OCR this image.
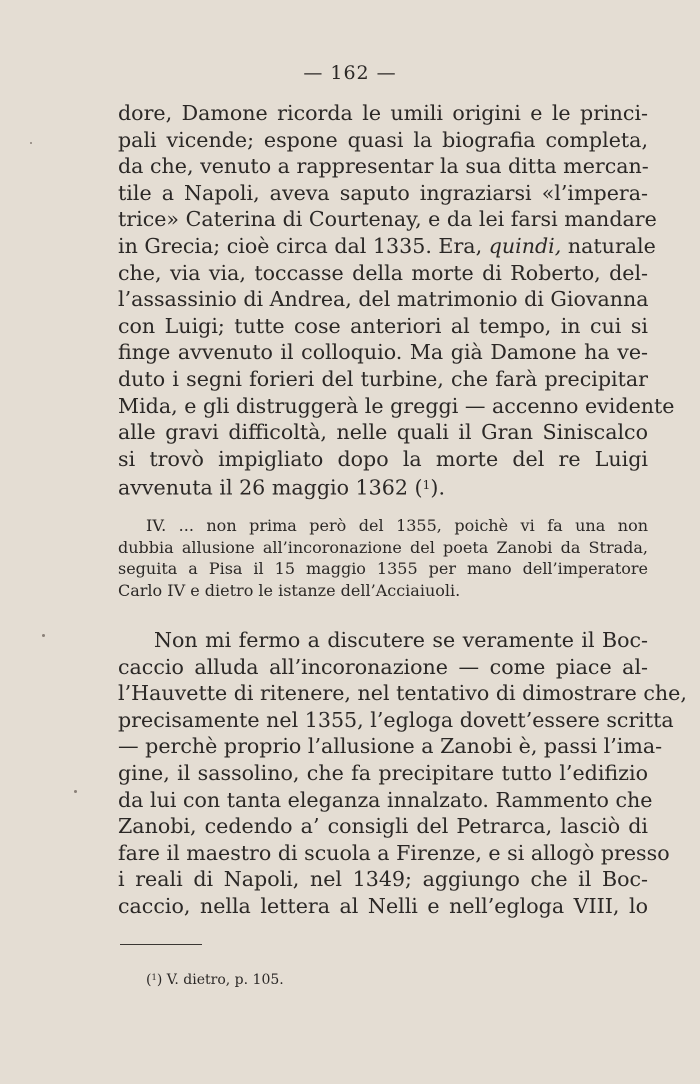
— 162 —
dore, Damone ricorda le umili origini e le princi-
pali vicende; espone quasi la biografia completa,
da che, venuto a rappresentar la sua ditta mercan-
tile a Napoli, aveva saputo ingraziarsi «l’impera-
trice» Caterina di Courtenay, e da lei farsi mandare
in Grecia; cioè circa dal 1335. Era, quindi, naturale
che, via via, toccasse della morte di Roberto, del-
l’assassinio di Andrea, del matrimonio di Giovanna
con Luigi; tutte cose anteriori al tempo, in cui si
finge avvenuto il colloquio. Ma già Damone ha ve-
duto i segni forieri del turbine, che farà precipitar
Mida, e gli distruggerà le greggi — accenno evidente
alle gravi difficoltà, nelle quali il Gran Siniscalco
si trovò impigliato dopo la morte del re Luigi
avvenuta il 26 maggio 1362 ($^1$).
IV. ... non prima però del 1355, poichè vi fa una non
dubbia allusione all’incoronazione del poeta Zanobi da Strada,
seguita a Pisa il 15 maggio 1355 per mano dell’imperatore
Carlo IV e dietro le istanze dell’Acciaiuoli.
Non mi fermo a discutere se veramente il Boc-
caccio alluda all’incoronazione — come piace al-
l’Hauvette di ritenere, nel tentativo di dimostrare che,
precisamente nel 1355, l’egloga dovett’essere scritta
— perchè proprio l’allusione a Zanobi è, passi l’ima-
gine, il sassolino, che fa precipitare tutto l’edifizio
da lui con tanta eleganza innalzato. Rammento che
Zanobi, cedendo a’ consigli del Petrarca, lasciò di
fare il maestro di scuola a Firenze, e si allogò presso
i reali di Napoli, nel 1349; aggiungo che il Boc-
caccio, nella lettera al Nelli e nell’egloga VIII, lo
($^1$) V. dietro, p. 105.
